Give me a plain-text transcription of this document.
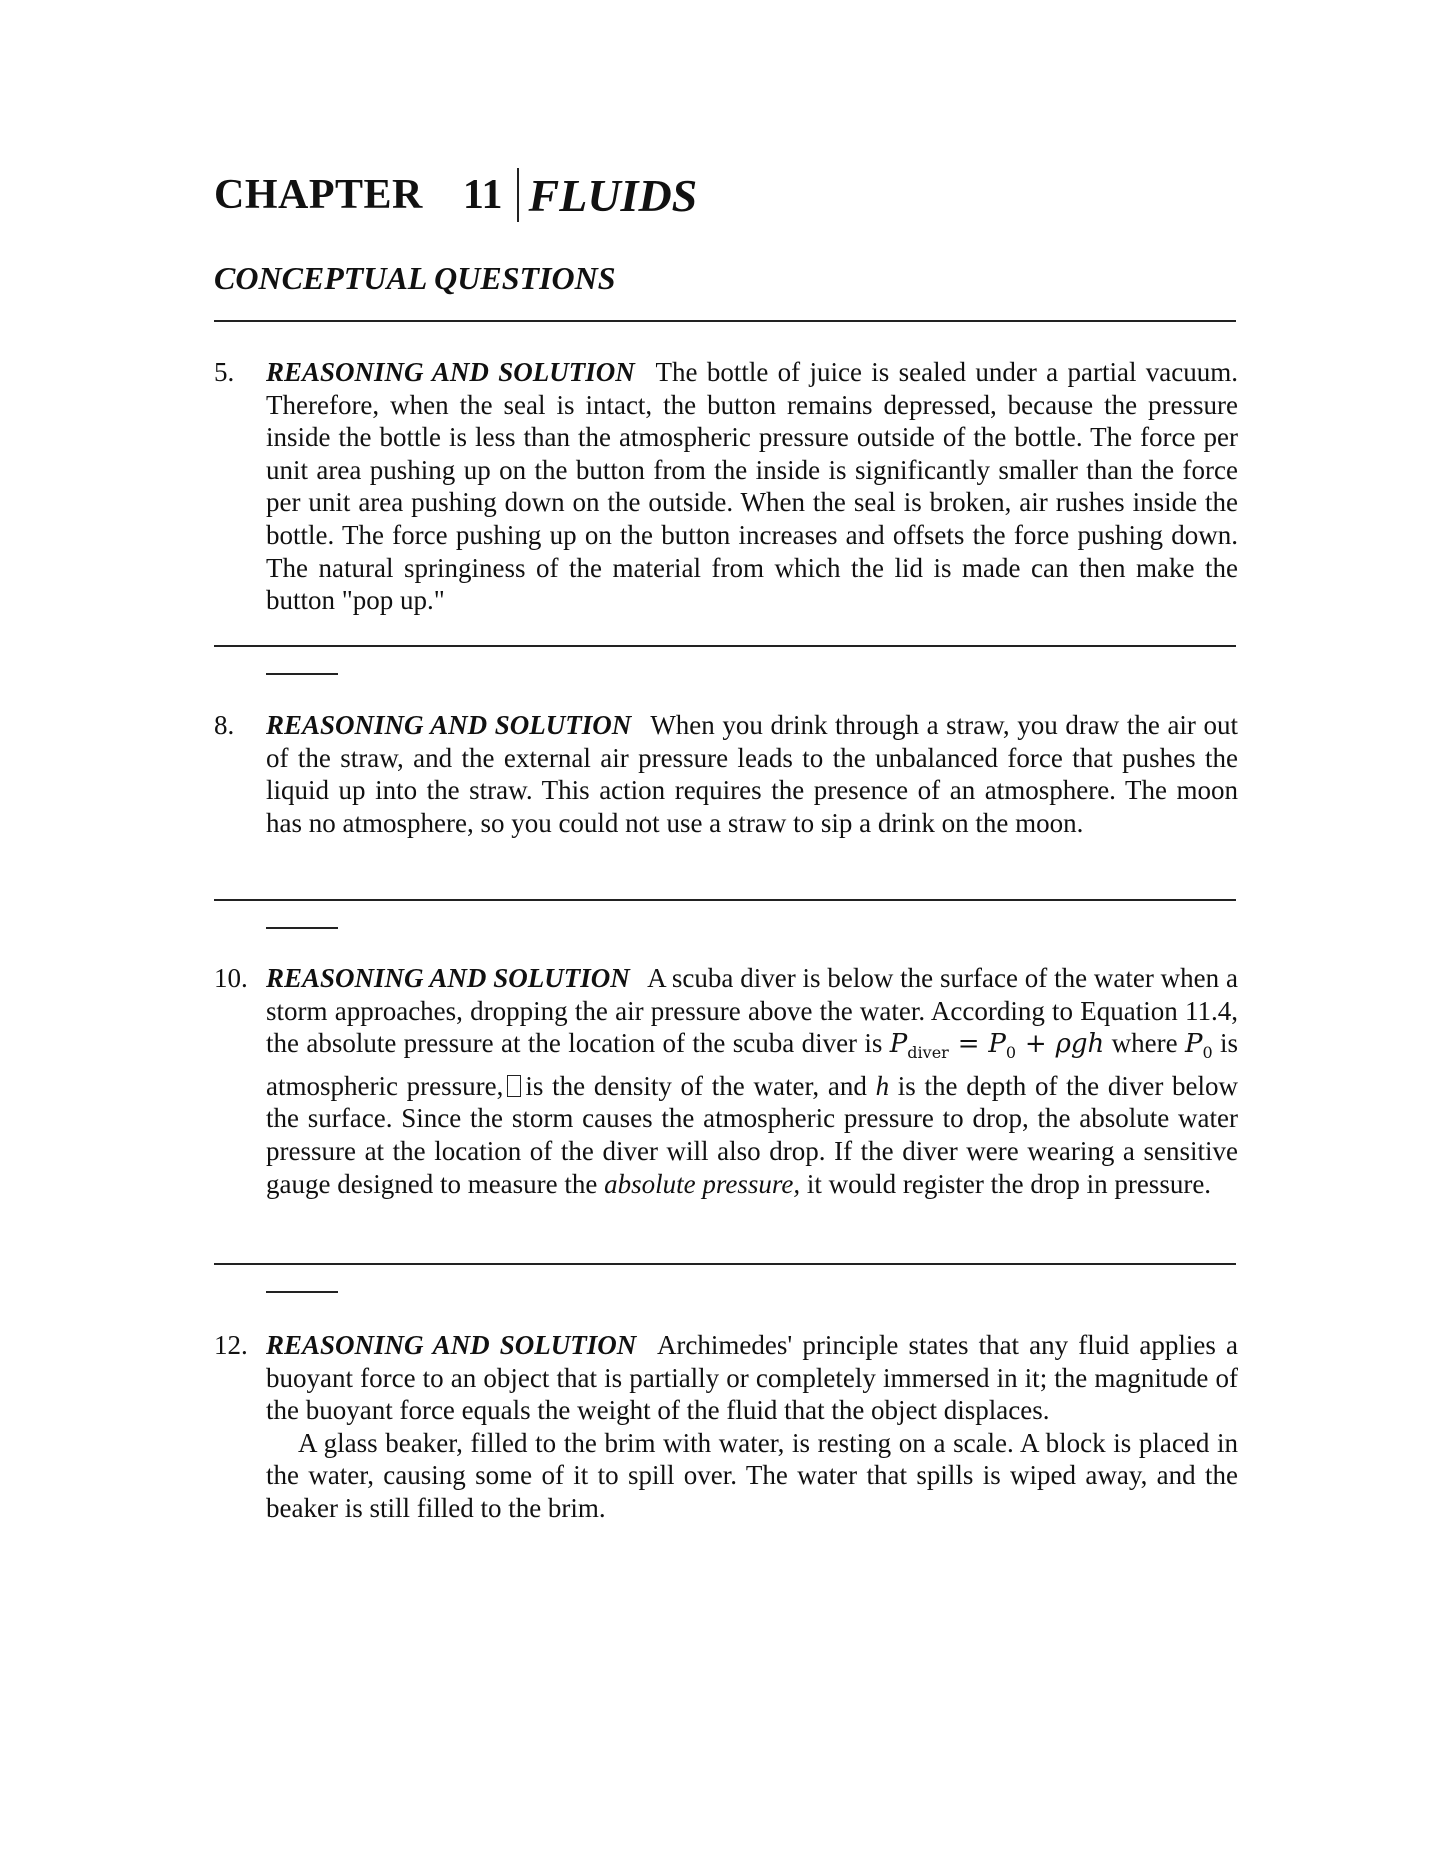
CHAPTER 11 FLUIDS
CONCEPTUAL QUESTIONS
5. REASONING AND SOLUTION The bottle of juice is sealed under a partial vacuum. Therefore, when the seal is intact, the button remains depressed, because the pressure inside the bottle is less than the atmospheric pressure outside of the bottle. The force per unit area pushing up on the button from the inside is significantly smaller than the force per unit area pushing down on the outside. When the seal is broken, air rushes inside the bottle. The force pushing up on the button increases and offsets the force pushing down. The natural springiness of the material from which the lid is made can then make the button "pop up."
8. REASONING AND SOLUTION When you drink through a straw, you draw the air out of the straw, and the external air pressure leads to the unbalanced force that pushes the liquid up into the straw. This action requires the presence of an atmosphere. The moon has no atmosphere, so you could not use a straw to sip a drink on the moon.
10. REASONING AND SOLUTION A scuba diver is below the surface of the water when a storm approaches, dropping the air pressure above the water. According to Equation 11.4, the absolute pressure at the location of the scuba diver is $P_{diver} = P_0 + \rho gh$ where $P_0$ is atmospheric pressure, is the density of the water, and h is the depth of the diver below the surface. Since the storm causes the atmospheric pressure to drop, the absolute water pressure at the location of the diver will also drop. If the diver were wearing a sensitive gauge designed to measure the absolute pressure, it would register the drop in pressure.
12. REASONING AND SOLUTION Archimedes' principle states that any fluid applies a buoyant force to an object that is partially or completely immersed in it; the magnitude of the buoyant force equals the weight of the fluid that the object displaces.
A glass beaker, filled to the brim with water, is resting on a scale. A block is placed in the water, causing some of it to spill over. The water that spills is wiped away, and the beaker is still filled to the brim.
